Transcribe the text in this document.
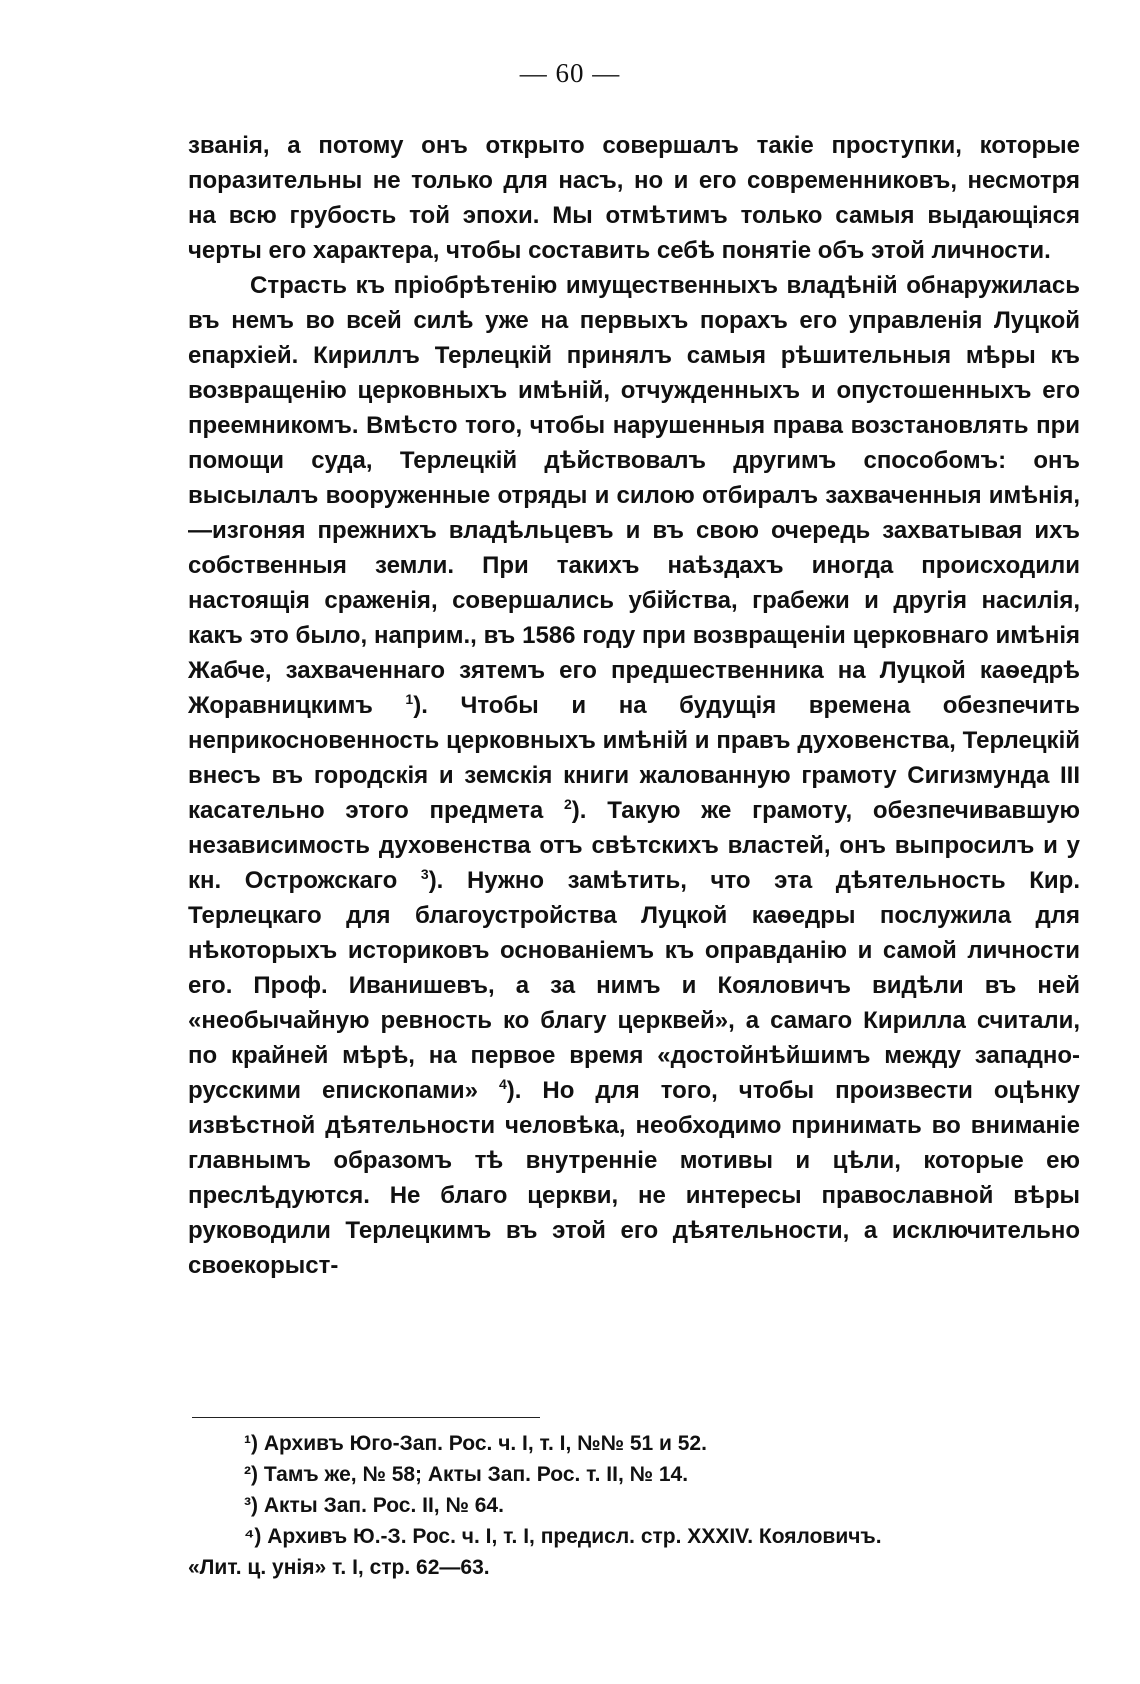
— 60 —

званія, а потому онъ открыто совершалъ такіе проступки, которые поразительны не только для насъ, но и его современниковъ, несмотря на всю грубость той эпохи. Мы отмѣтимъ только самыя выдающіяся черты его характера, чтобы составить себѣ понятіе объ этой личности.

Страсть къ пріобрѣтенію имущественныхъ владѣній обнаружилась въ немъ во всей силѣ уже на первыхъ порахъ его управленія Луцкой епархіей. Кириллъ Терлецкій принялъ самыя рѣшительныя мѣры къ возвращенію церковныхъ имѣній, отчужденныхъ и опустошенныхъ его преемникомъ. Вмѣсто того, чтобы нарушенныя права возстановлять при помощи суда, Терлецкій дѣйствовалъ другимъ способомъ: онъ высылалъ вооруженные отряды и силою отбиралъ захваченныя имѣнія, —изгоняя прежнихъ владѣльцевъ и въ свою очередь захватывая ихъ собственныя земли. При такихъ наѣздахъ иногда происходили настоящія сраженія, совершались убійства, грабежи и другія насилія, какъ это было, наприм., въ 1586 году при возвращеніи церковнаго имѣнія Жабче, захваченнаго зятемъ его предшественника на Луцкой каѳедрѣ Жоравницкимъ $^1$). Чтобы и на будущія времена обезпечить неприкосновенность церковныхъ имѣній и правъ духовенства, Терлецкій внесъ въ городскія и земскія книги жалованную грамоту Сигизмунда III касательно этого предмета $^2$). Такую же грамоту, обезпечивавшую независимость духовенства отъ свѣтскихъ властей, онъ выпросилъ и у кн. Острожскаго $^3$). Нужно замѣтить, что эта дѣятельность Кир. Терлецкаго для благоустройства Луцкой каѳедры послужила для нѣкоторыхъ историковъ основаніемъ къ оправданію и самой личности его. Проф. Иванишевъ, а за нимъ и Кояловичъ видѣли въ ней «необычайную ревность ко благу церквей», а самаго Кирилла считали, по крайней мѣрѣ, на первое время «достойнѣйшимъ между западно-русскими епископами» $^4$). Но для того, чтобы произвести оцѣнку извѣстной дѣятельности человѣка, необходимо принимать во вниманіе главнымъ образомъ тѣ внутренніе мотивы и цѣли, которые ею преслѣдуются. Не благо церкви, не интересы православной вѣры руководили Терлецкимъ въ этой его дѣятельности, а исключительно своекорыст-

¹) Архивъ Юго-Зап. Рос. ч. I, т. I, №№ 51 и 52.

²) Тамъ же, № 58; Акты Зап. Рос. т. II, № 14.

³) Акты Зап. Рос. II, № 64.

⁴) Архивъ Ю.-З. Рос. ч. I, т. I, предисл. стр. XXXIV. Кояловичъ.

«Лит. ц. унія» т. I, стр. 62—63.
